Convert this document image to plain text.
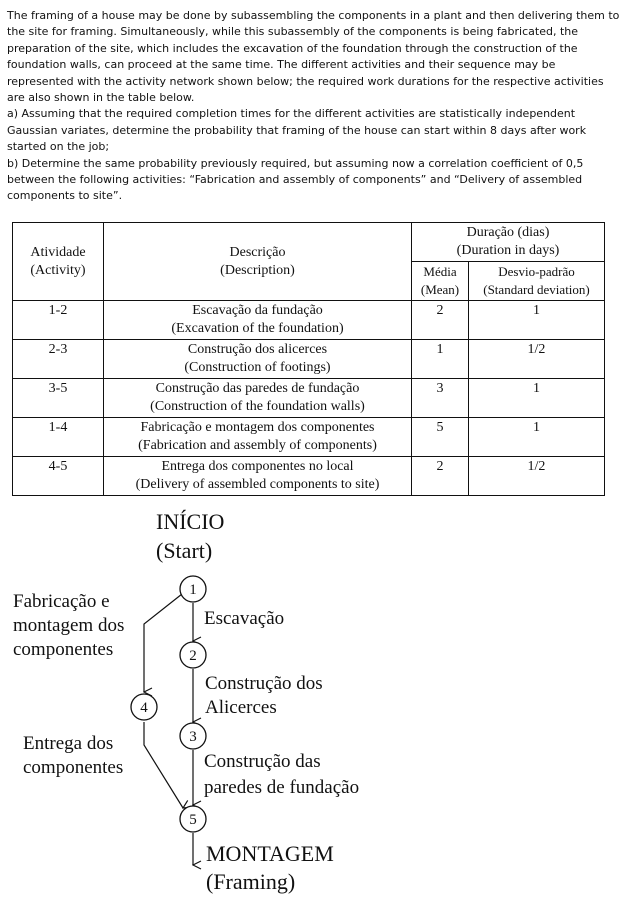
The framing of a house may be done by subassembling the components in a plant and then delivering them to the site for framing. Simultaneously, while this subassembly of the components is being fabricated, the preparation of the site, which includes the excavation of the foundation through the construction of the foundation walls, can proceed at the same time. The different activities and their sequence may be represented with the activity network shown below; the required work durations for the respective activities are also shown in the table below.

a) Assuming that the required completion times for the different activities are statistically independent Gaussian variates, determine the probability that framing of the house can start within 8 days after work started on the job;

b) Determine the same probability previously required, but assuming now a correlation coefficient of 0,5 between the following activities: “Fabrication and assembly of components” and “Delivery of assembled components to site”.

Atividade
(Activity)	Descrição
(Description)	Duração (dias)
(Duration in days)	

		Média
(Mean)	Desvio-padrão
(Standard deviation)

1-2	Escavação da fundação
(Excavation of the foundation)	2	1
2-3	Construção dos alicerces
(Construction of footings)	1	1/2
3-5	Construção das paredes de fundação
(Construction of the foundation walls)	3	1
1-4	Fabricação e montagem dos componentes
(Fabrication and assembly of components)	5	1
4-5	Entrega dos componentes no local
(Delivery of assembled components to site)	2	1/2
INÍCIO
(Start)
1
2
3
4
5
Fabricação e
montagem dos
componentes
Entrega dos
componentes
Escavação
Construção dos
Alicerces
Construção das
paredes de fundação
MONTAGEM
(Framing)
